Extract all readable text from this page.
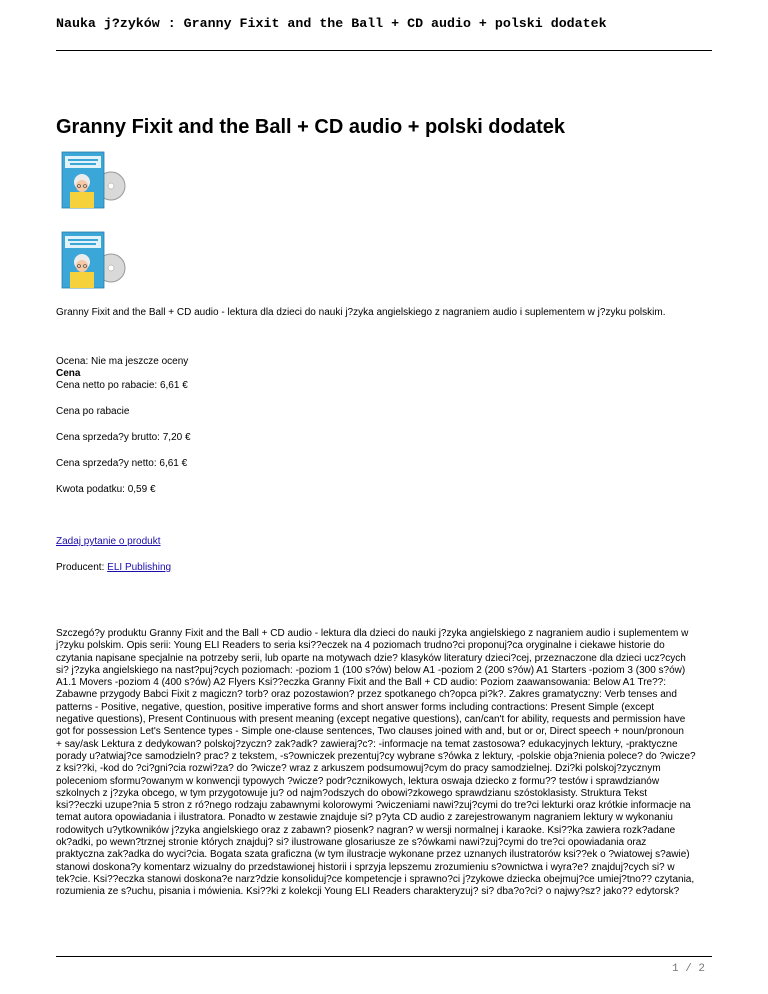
Nauka j?zyków : Granny Fixit and the Ball + CD audio + polski dodatek
Granny Fixit and the Ball + CD audio + polski dodatek

Granny Fixit and the Ball + CD audio - lektura dla dzieci do nauki j?zyka angielskiego z nagraniem audio i suplementem w j?zyku polskim.

Ocena: Nie ma jeszcze oceny

Cena

Cena netto po rabacie: 6,61 €

Cena po rabacie

Cena sprzeda?y brutto: 7,20 €

Cena sprzeda?y netto: 6,61 €

Kwota podatku: 0,59 €

Zadaj pytanie o produkt

Producent: ELI Publishing

Szczegó?y produktu Granny Fixit and the Ball + CD audio - lektura dla dzieci do nauki j?zyka angielskiego z nagraniem audio i suplementem w
j?zyku polskim. Opis serii: Young ELI Readers to seria ksi??eczek na 4 poziomach trudno?ci proponuj?ca oryginalne i ciekawe historie do
czytania napisane specjalnie na potrzeby serii, lub oparte na motywach dzie? klasyków literatury dzieci?cej, przeznaczone dla dzieci ucz?cych
si? j?zyka angielskiego na nast?puj?cych poziomach: -poziom 1 (100 s?ów) below A1 -poziom 2 (200 s?ów) A1 Starters -poziom 3 (300 s?ów)
A1.1 Movers -poziom 4 (400 s?ów) A2 Flyers Ksi??eczka Granny Fixit and the Ball + CD audio: Poziom zaawansowania: Below A1 Tre??:
Zabawne przygody Babci Fixit z magiczn? torb? oraz pozostawion? przez spotkanego ch?opca pi?k?. Zakres gramatyczny: Verb tenses and
patterns - Positive, negative, question, positive imperative forms and short answer forms including contractions: Present Simple (except
negative questions), Present Continuous with present meaning (except negative questions), can/can't for ability, requests and permission have
got for possession Let's Sentence types - Simple one-clause sentences, Two clauses joined with and, but or or, Direct speech + noun/pronoun
+ say/ask Lektura z dedykowan? polskoj?zyczn? zak?adk? zawieraj?c?: -informacje na temat zastosowa? edukacyjnych lektury, -praktyczne
porady u?atwiaj?ce samodzieln? prac? z tekstem, -s?owniczek prezentuj?cy wybrane s?ówka z lektury, -polskie obja?nienia polece? do ?wicze?
z ksi??ki, -kod do ?ci?gni?cia rozwi?za? do ?wicze? wraz z arkuszem podsumowuj?cym do pracy samodzielnej. Dzi?ki polskoj?zycznym
poleceniom sformu?owanym w konwencji typowych ?wicze? podr?cznikowych, lektura oswaja dziecko z formu?? testów i sprawdzianów
szkolnych z j?zyka obcego, w tym przygotowuje ju? od najm?odszych do obowi?zkowego sprawdzianu szóstoklasisty. Struktura Tekst
ksi??eczki uzupe?nia 5 stron z ró?nego rodzaju zabawnymi kolorowymi ?wiczeniami nawi?zuj?cymi do tre?ci lekturki oraz krótkie informacje na
temat autora opowiadania i ilustratora. Ponadto w zestawie znajduje si? p?yta CD audio z zarejestrowanym nagraniem lektury w wykonaniu
rodowitych u?ytkowników j?zyka angielskiego oraz z zabawn? piosenk? nagran? w wersji normalnej i karaoke. Ksi??ka zawiera rozk?adane
ok?adki, po wewn?trznej stronie których znajduj? si? ilustrowane glosariusze ze s?ówkami nawi?zuj?cymi do tre?ci opowiadania oraz
praktyczna zak?adka do wyci?cia. Bogata szata graficzna (w tym ilustracje wykonane przez uznanych ilustratorów ksi??ek o ?wiatowej s?awie)
stanowi doskona?y komentarz wizualny do przedstawionej historii i sprzyja lepszemu zrozumieniu s?ownictwa i wyra?e? znajduj?cych si? w
tek?cie. Ksi??eczka stanowi doskona?e narz?dzie konsoliduj?ce kompetencje i sprawno?ci j?zykowe dziecka obejmuj?ce umiej?tno?? czytania,
rozumienia ze s?uchu, pisania i mówienia. Ksi??ki z kolekcji Young ELI Readers charakteryzuj? si? dba?o?ci? o najwy?sz? jako?? edytorsk?
1 / 2
